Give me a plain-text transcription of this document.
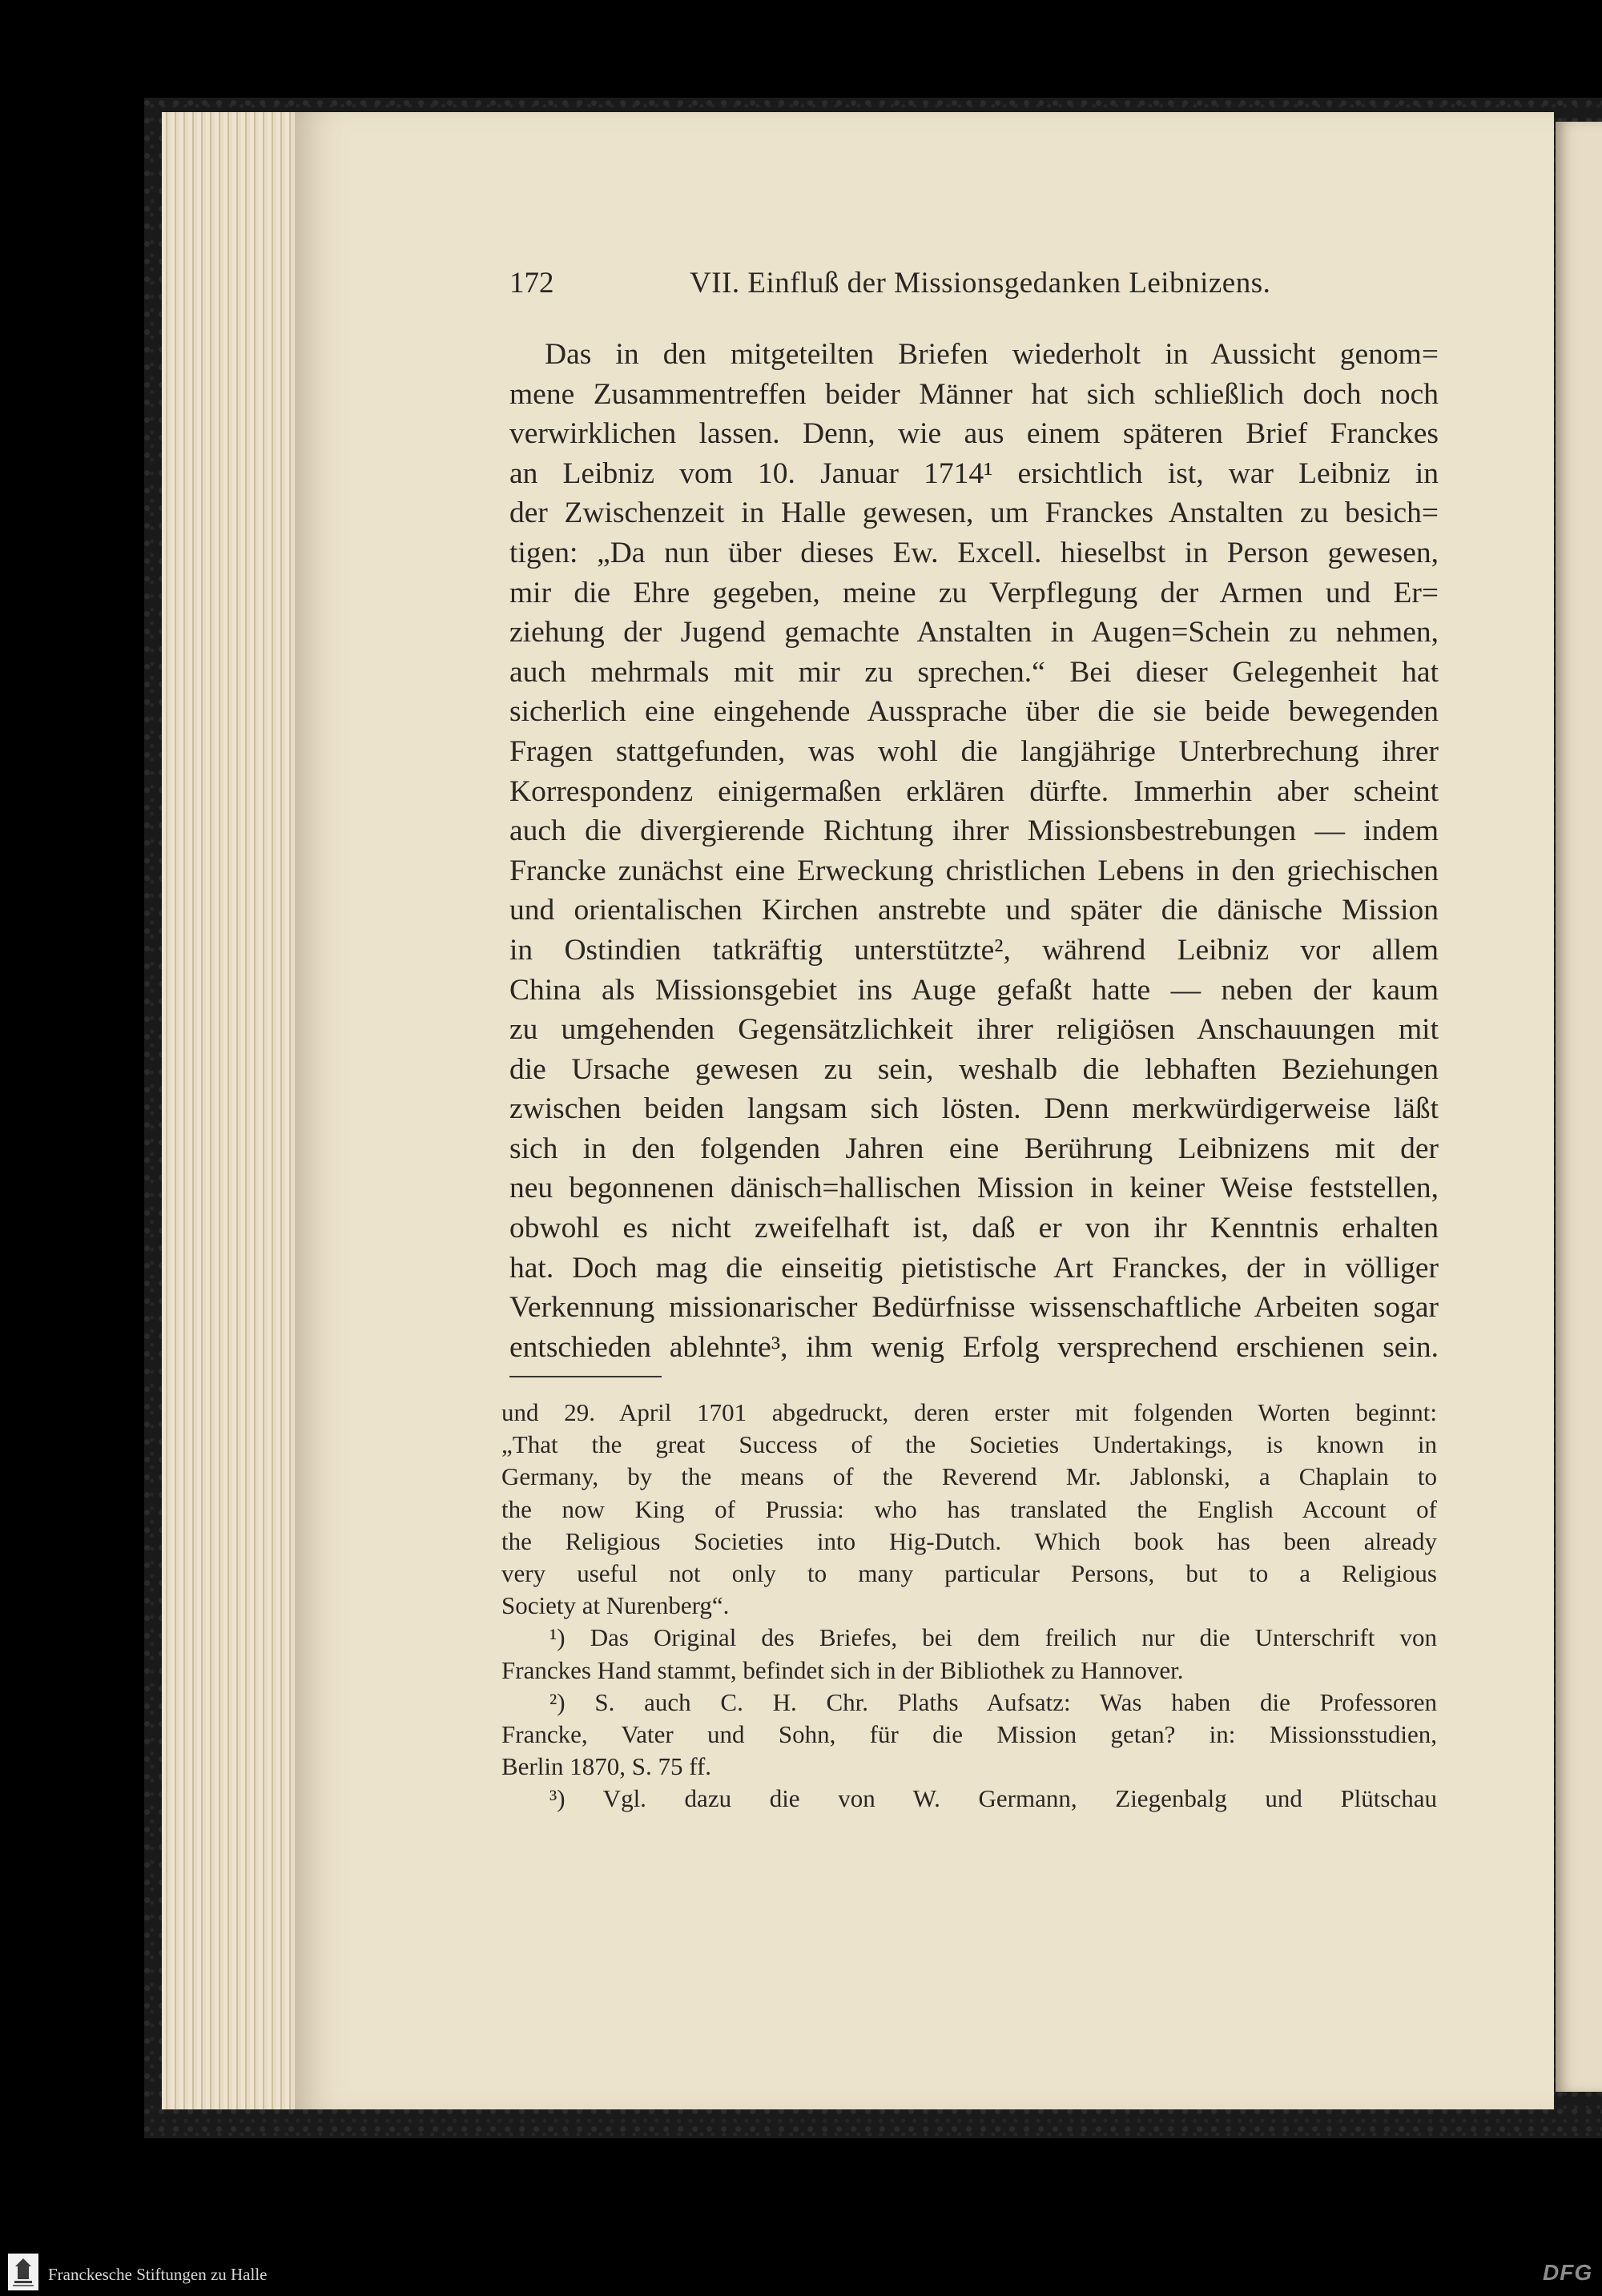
172	VII. Einfluß der Missionsgedanken Leibnizens.
Das in den mitgeteilten Briefen wiederholt in Aussicht genom=
mene Zusammentreffen beider Männer hat sich schließlich doch noch
verwirklichen lassen. Denn, wie aus einem späteren Brief Franckes
an Leibniz vom 10. Januar 1714¹ ersichtlich ist, war Leibniz in
der Zwischenzeit in Halle gewesen, um Franckes Anstalten zu besich=
tigen: „Da nun über dieses Ew. Excell. hieselbst in Person gewesen,
mir die Ehre gegeben, meine zu Verpflegung der Armen und Er=
ziehung der Jugend gemachte Anstalten in Augen=Schein zu nehmen,
auch mehrmals mit mir zu sprechen.“ Bei dieser Gelegenheit hat
sicherlich eine eingehende Aussprache über die sie beide bewegenden
Fragen stattgefunden, was wohl die langjährige Unterbrechung ihrer
Korrespondenz einigermaßen erklären dürfte. Immerhin aber scheint
auch die divergierende Richtung ihrer Missionsbestrebungen — indem
Francke zunächst eine Erweckung christlichen Lebens in den griechischen
und orientalischen Kirchen anstrebte und später die dänische Mission
in Ostindien tatkräftig unterstützte², während Leibniz vor allem
China als Missionsgebiet ins Auge gefaßt hatte — neben der kaum
zu umgehenden Gegensätzlichkeit ihrer religiösen Anschauungen mit
die Ursache gewesen zu sein, weshalb die lebhaften Beziehungen
zwischen beiden langsam sich lösten. Denn merkwürdigerweise läßt
sich in den folgenden Jahren eine Berührung Leibnizens mit der
neu begonnenen dänisch=hallischen Mission in keiner Weise feststellen,
obwohl es nicht zweifelhaft ist, daß er von ihr Kenntnis erhalten
hat. Doch mag die einseitig pietistische Art Franckes, der in völliger
Verkennung missionarischer Bedürfnisse wissenschaftliche Arbeiten sogar
entschieden ablehnte³, ihm wenig Erfolg versprechend erschienen sein.
und 29. April 1701 abgedruckt, deren erster mit folgenden Worten beginnt:
„That the great Success of the Societies Undertakings, is known in
Germany, by the means of the Reverend Mr. Jablonski, a Chaplain to
the now King of Prussia: who has translated the English Account of
the Religious Societies into Hig-Dutch. Which book has been already
very useful not only to many particular Persons, but to a Religious
Society at Nurenberg“.
¹) Das Original des Briefes, bei dem freilich nur die Unterschrift von
Franckes Hand stammt, befindet sich in der Bibliothek zu Hannover.
²) S. auch C. H. Chr. Plaths Aufsatz: Was haben die Professoren
Francke, Vater und Sohn, für die Mission getan? in: Missionsstudien,
Berlin 1870, S. 75 ff.
³) Vgl. dazu die von W. Germann, Ziegenbalg und Plütschau
Franckesche Stiftungen zu Halle	DFG
